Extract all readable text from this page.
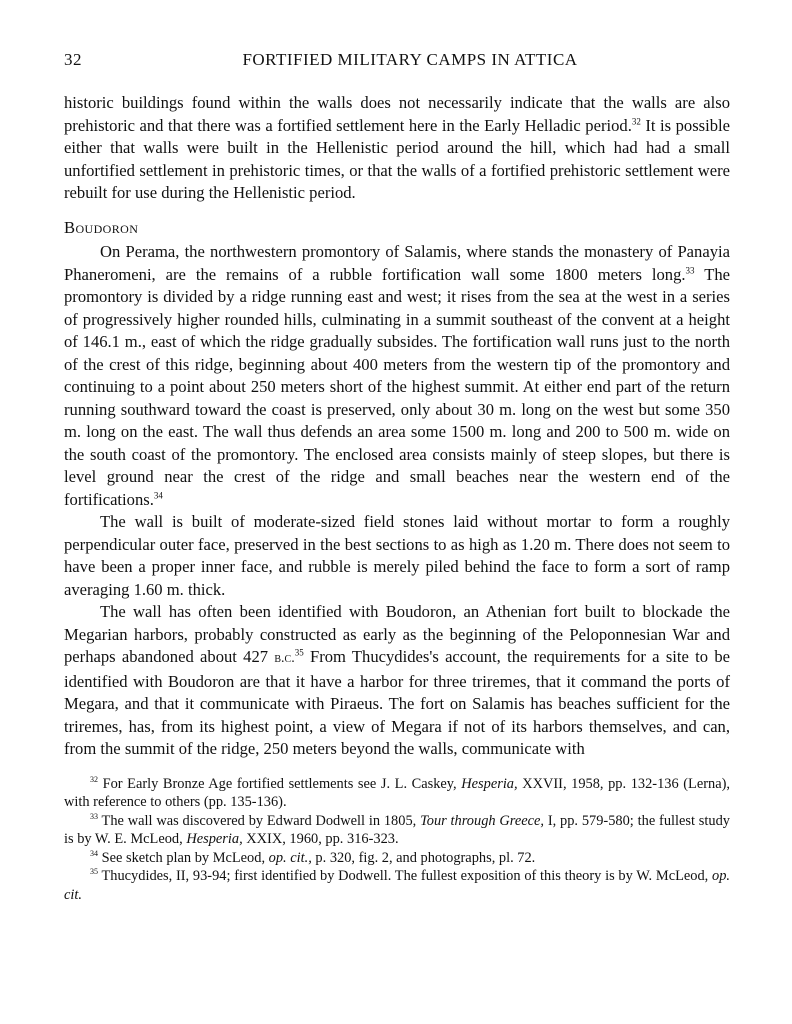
32	FORTIFIED MILITARY CAMPS IN ATTICA

historic buildings found within the walls does not necessarily indicate that the walls are also prehistoric and that there was a fortified settlement here in the Early Helladic period.$^{32}$ It is possible either that walls were built in the Hellenistic period around the hill, which had had a small unfortified settlement in prehistoric times, or that the walls of a fortified prehistoric settlement were rebuilt for use during the Hellenistic period.

Boudoron

On Perama, the northwestern promontory of Salamis, where stands the monastery of Panayia Phaneromeni, are the remains of a rubble fortification wall some 1800 meters long.$^{33}$ The promontory is divided by a ridge running east and west; it rises from the sea at the west in a series of progressively higher rounded hills, culminating in a summit southeast of the convent at a height of 146.1 m., east of which the ridge gradually subsides. The fortification wall runs just to the north of the crest of this ridge, beginning about 400 meters from the western tip of the promontory and continuing to a point about 250 meters short of the highest summit. At either end part of the return running southward toward the coast is preserved, only about 30 m. long on the west but some 350 m. long on the east. The wall thus defends an area some 1500 m. long and 200 to 500 m. wide on the south coast of the promontory. The enclosed area consists mainly of steep slopes, but there is level ground near the crest of the ridge and small beaches near the western end of the fortifications.$^{34}$

The wall is built of moderate-sized field stones laid without mortar to form a roughly perpendicular outer face, preserved in the best sections to as high as 1.20 m. There does not seem to have been a proper inner face, and rubble is merely piled behind the face to form a sort of ramp averaging 1.60 m. thick.

The wall has often been identified with Boudoron, an Athenian fort built to blockade the Megarian harbors, probably constructed as early as the beginning of the Peloponnesian War and perhaps abandoned about 427 b.c.$^{35}$ From Thucydides's account, the requirements for a site to be identified with Boudoron are that it have a harbor for three triremes, that it command the ports of Megara, and that it communicate with Piraeus. The fort on Salamis has beaches sufficient for the triremes, has, from its highest point, a view of Megara if not of its harbors themselves, and can, from the summit of the ridge, 250 meters beyond the walls, communicate with

$^{32}$ For Early Bronze Age fortified settlements see J. L. Caskey, Hesperia, XXVII, 1958, pp. 132-136 (Lerna), with reference to others (pp. 135-136).

$^{33}$ The wall was discovered by Edward Dodwell in 1805, Tour through Greece, I, pp. 579-580; the fullest study is by W. E. McLeod, Hesperia, XXIX, 1960, pp. 316-323.

$^{34}$ See sketch plan by McLeod, op. cit., p. 320, fig. 2, and photographs, pl. 72.

$^{35}$ Thucydides, II, 93-94; first identified by Dodwell. The fullest exposition of this theory is by W. McLeod, op. cit.
